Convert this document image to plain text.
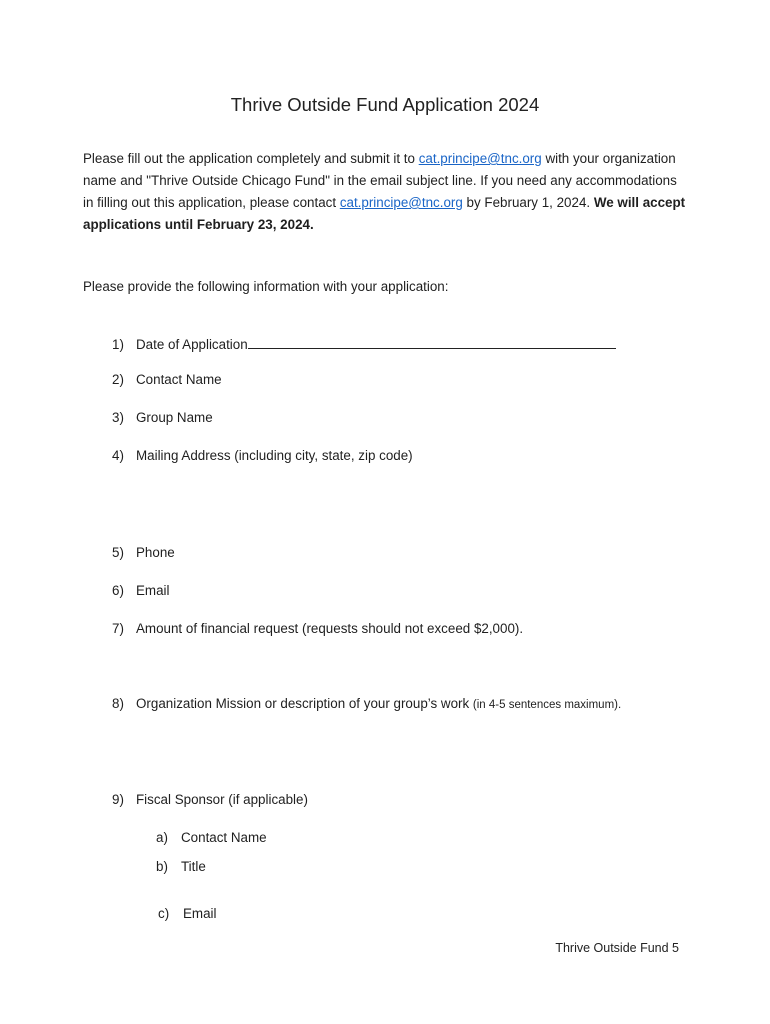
Thrive Outside Fund Application 2024
Please fill out the application completely and submit it to cat.principe@tnc.org with your organization name and "Thrive Outside Chicago Fund" in the email subject line. If you need any accommodations in filling out this application, please contact cat.principe@tnc.org by February 1, 2024. We will accept applications until February 23, 2024.
Please provide the following information with your application:
1) Date of Application
2) Contact Name
3) Group Name
4) Mailing Address (including city, state, zip code)
5) Phone
6) Email
7) Amount of financial request (requests should not exceed $2,000).
8) Organization Mission or description of your group’s work (in 4-5 sentences maximum).
9) Fiscal Sponsor (if applicable)
a) Contact Name
b) Title
c) Email
Thrive Outside Fund 5
